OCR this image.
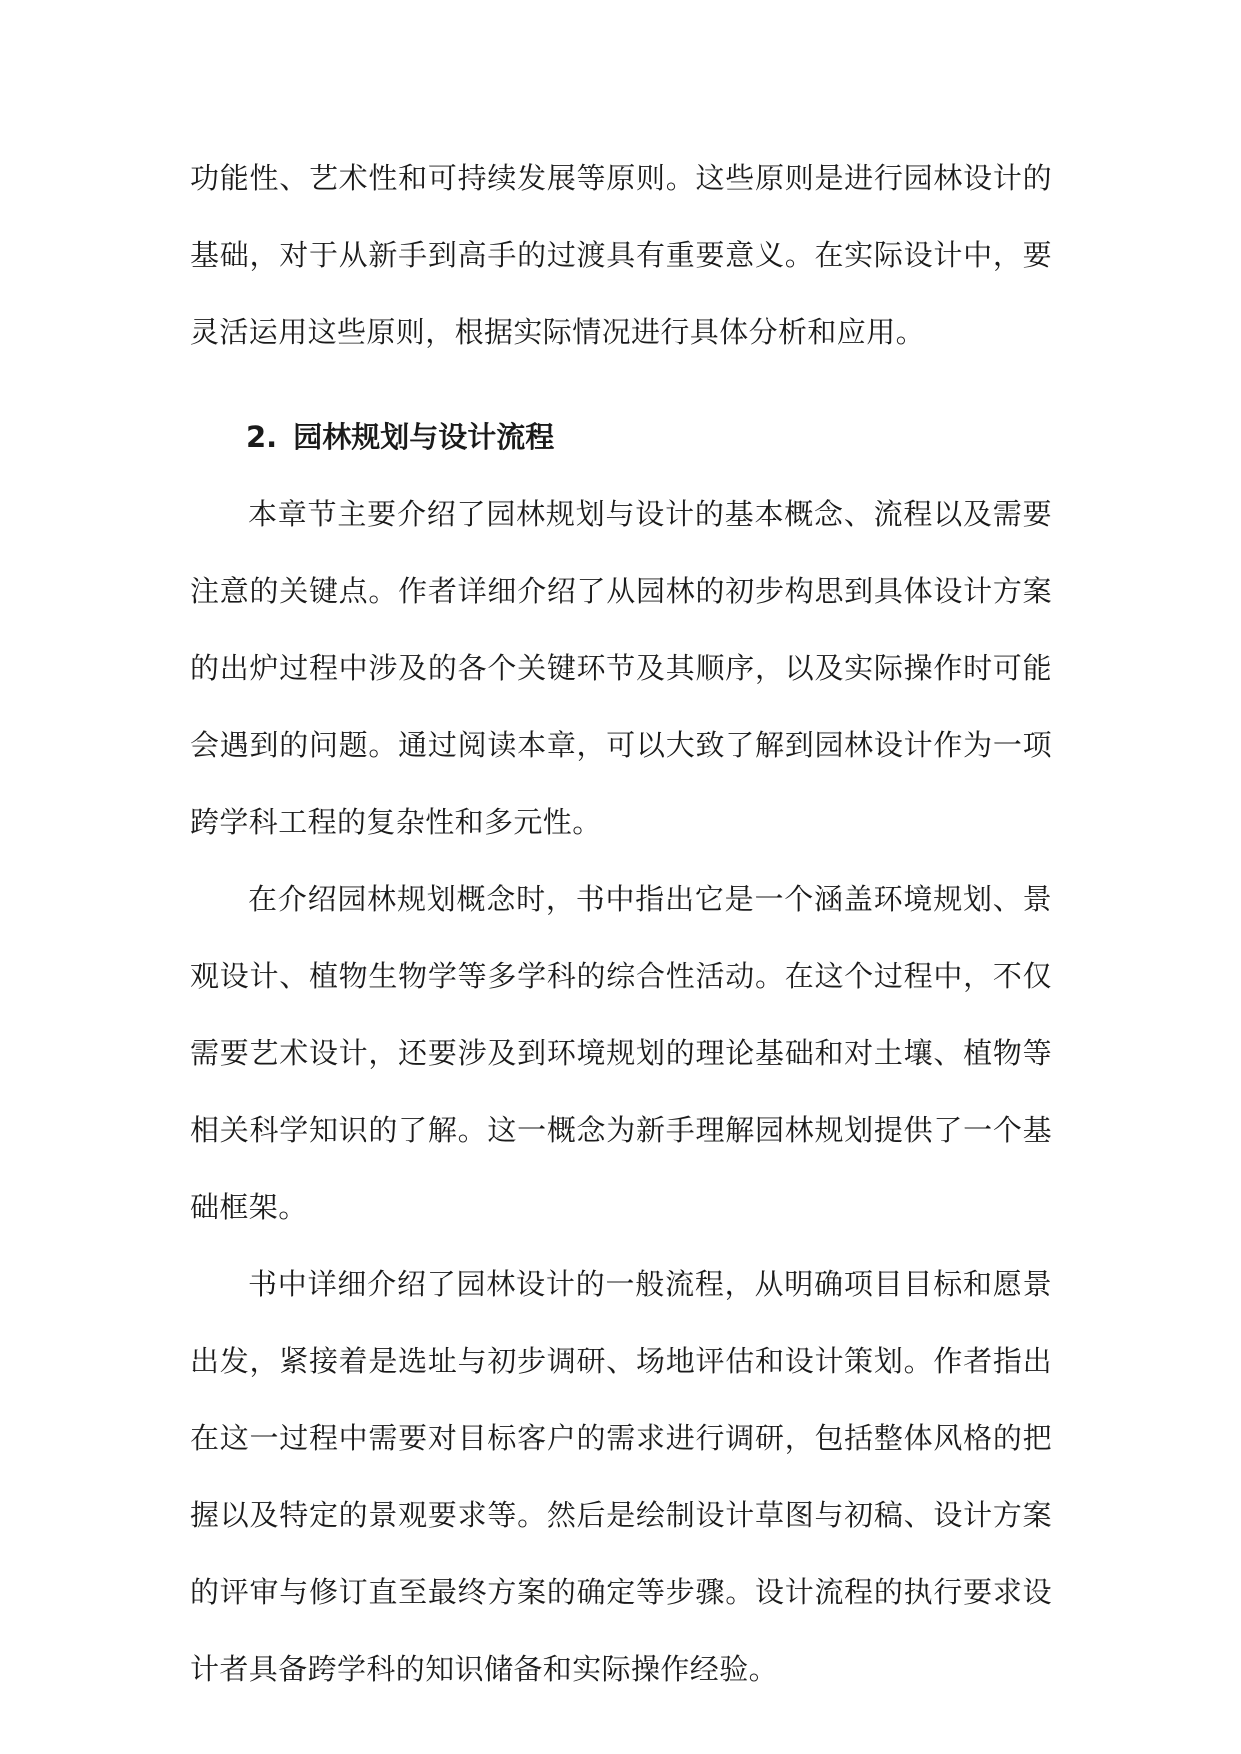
功能性、艺术性和可持续发展等原则。这些原则是进行园林设计的基础，对于从新手到高手的过渡具有重要意义。在实际设计中，要灵活运用这些原则，根据实际情况进行具体分析和应用。

2. 园林规划与设计流程

本章节主要介绍了园林规划与设计的基本概念、流程以及需要注意的关键点。作者详细介绍了从园林的初步构思到具体设计方案的出炉过程中涉及的各个关键环节及其顺序，以及实际操作时可能会遇到的问题。通过阅读本章，可以大致了解到园林设计作为一项跨学科工程的复杂性和多元性。

在介绍园林规划概念时，书中指出它是一个涵盖环境规划、景观设计、植物生物学等多学科的综合性活动。在这个过程中，不仅需要艺术设计，还要涉及到环境规划的理论基础和对土壤、植物等相关科学知识的了解。这一概念为新手理解园林规划提供了一个基础框架。

书中详细介绍了园林设计的一般流程，从明确项目目标和愿景出发，紧接着是选址与初步调研、场地评估和设计策划。作者指出在这一过程中需要对目标客户的需求进行调研，包括整体风格的把握以及特定的景观要求等。然后是绘制设计草图与初稿、设计方案的评审与修订直至最终方案的确定等步骤。设计流程的执行要求设计者具备跨学科的知识储备和实际操作经验。
